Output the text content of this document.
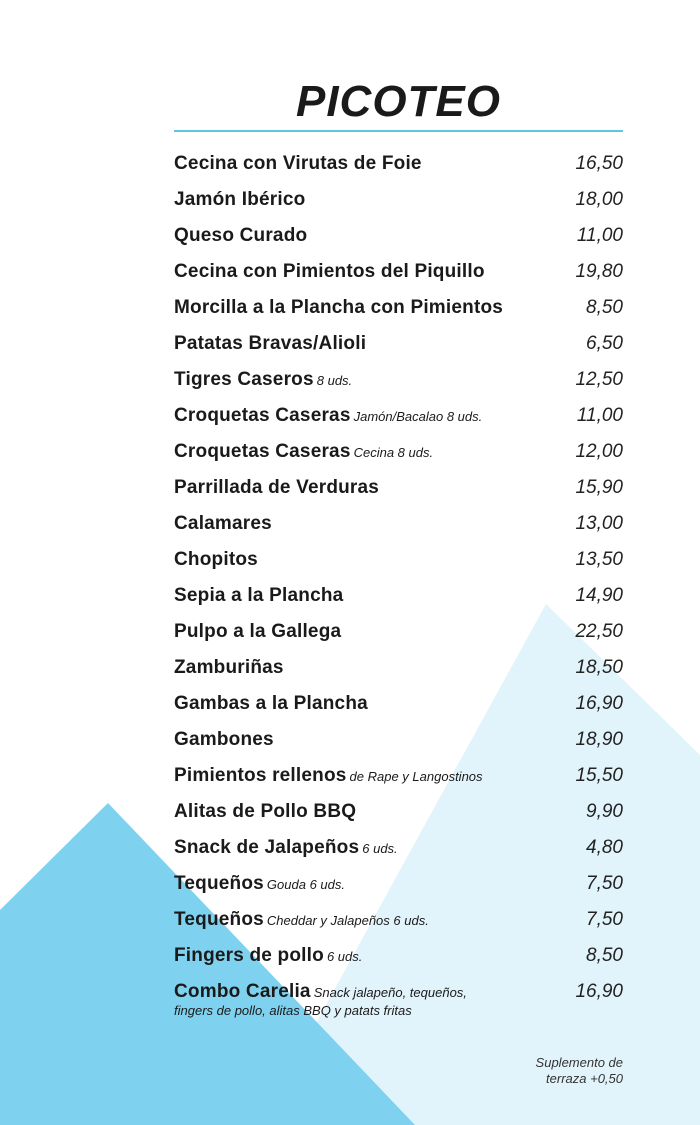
PICOTEO
Cecina con Virutas de Foie	16,50
Jamón Ibérico	18,00
Queso Curado	11,00
Cecina con Pimientos del Piquillo	19,80
Morcilla a la Plancha con Pimientos	8,50
Patatas Bravas/Alioli	6,50
Tigres Caseros 8 uds.	12,50
Croquetas Caseras Jamón/Bacalao 8 uds.	11,00
Croquetas Caseras Cecina 8 uds.	12,00
Parrillada de Verduras	15,90
Calamares	13,00
Chopitos	13,50
Sepia a la Plancha	14,90
Pulpo a la Gallega	22,50
Zamburiñas	18,50
Gambas a la Plancha	16,90
Gambones	18,90
Pimientos rellenos de Rape y Langostinos	15,50
Alitas de Pollo BBQ	9,90
Snack de Jalapeños 6 uds.	4,80
Tequeños Gouda 6 uds.	7,50
Tequeños Cheddar y Jalapeños 6 uds.	7,50
Fingers de pollo 6 uds.	8,50
Combo Carelia Snack jalapeño, tequeños,
fingers de pollo, alitas BBQ y patats fritas
16,90
Suplemento de
terraza +0,50
